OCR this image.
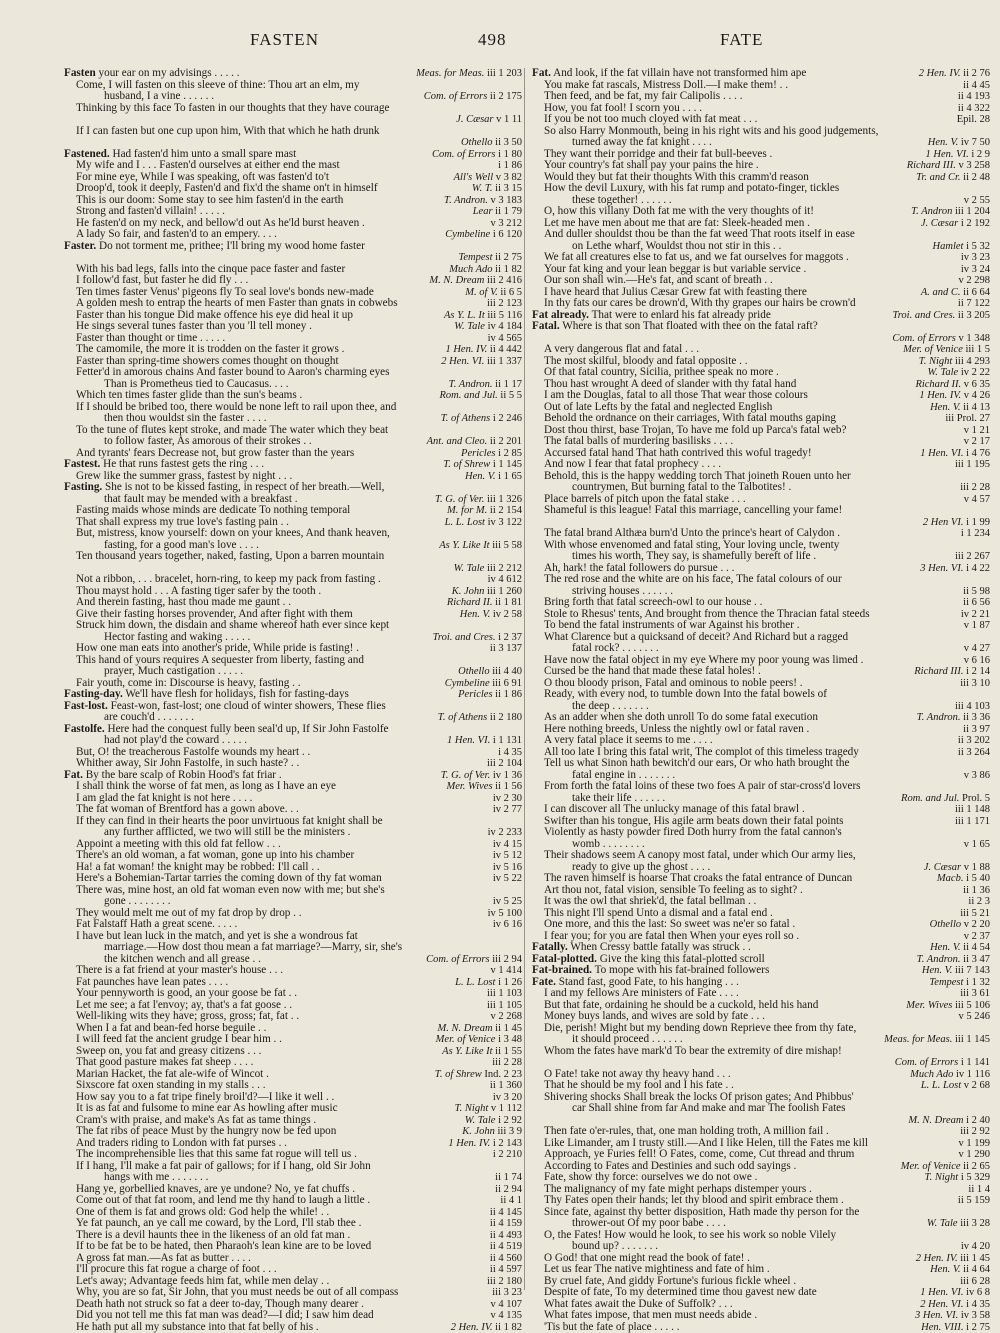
FASTEN	498	FATE
Fasten your ear on my advisings . . . . .	Meas. for Meas. iii 1 203
Come, I will fasten on this sleeve of thine: Thou art an elm, my
husband, I a vine . . . . . .	Com. of Errors ii 2 175
Thinking by this face To fasten in our thoughts that they have courage
J. Cæsar v 1 11
If I can fasten but one cup upon him, With that which he hath drunk
Othello ii 3 50
Fastened. Had fasten'd him unto a small spare mast	Com. of Errors i 1 80
My wife and I . . . Fasten'd ourselves at either end the mast	i 1 86
For mine eye, While I was speaking, oft was fasten'd to't	All's Well v 3 82
Droop'd, took it deeply, Fasten'd and fix'd the shame on't in himself	W. T. ii 3 15
This is our doom: Some stay to see him fasten'd in the earth	T. Andron. v 3 183
Strong and fasten'd villain! . . . . .	Lear ii 1 79
He fasten'd on my neck, and bellow'd out As he'ld burst heaven .	v 3 212
A lady So fair, and fasten'd to an empery. . . .	Cymbeline i 6 120
Faster. Do not torment me, prithee; I'll bring my wood home faster
Tempest ii 2 75
With his bad legs, falls into the cinque pace faster and faster	Much Ado ii 1 82
I follow'd fast, but faster he did fly . . .	M. N. Dream iii 2 416
Ten times faster Venus' pigeons fly To seal love's bonds new-made	M. of V. ii 6 5
A golden mesh to entrap the hearts of men Faster than gnats in cobwebs	iii 2 123
Faster than his tongue Did make offence his eye did heal it up	As Y. L. It iii 5 116
He sings several tunes faster than you 'll tell money .	W. Tale iv 4 184
Faster than thought or time . . . . .	iv 4 565
The camomile, the more it is trodden on the faster it grows .	1 Hen. IV. ii 4 442
Faster than spring-time showers comes thought on thought	2 Hen. VI. iii 1 337
Fetter'd in amorous chains And faster bound to Aaron's charming eyes
Than is Prometheus tied to Caucasus. . . .	T. Andron. ii 1 17
Which ten times faster glide than the sun's beams .	Rom. and Jul. ii 5 5
If I should be bribed too, there would be none left to rail upon thee, and
then thou wouldst sin the faster . . . .	T. of Athens i 2 246
To the tune of flutes kept stroke, and made The water which they beat
to follow faster, As amorous of their strokes . .	Ant. and Cleo. ii 2 201
And tyrants' fears Decrease not, but grow faster than the years	Pericles i 2 85
Fastest. He that runs fastest gets the ring . . .	T. of Shrew i 1 145
Grew like the summer grass, fastest by night . . .	Hen. V. i 1 65
Fasting. She is not to be kissed fasting, in respect of her breath.—Well,
that fault may be mended with a breakfast .	T. G. of Ver. iii 1 326
Fasting maids whose minds are dedicate To nothing temporal	M. for M. ii 2 154
That shall express my true love's fasting pain . .	L. L. Lost iv 3 122
But, mistress, know yourself: down on your knees, And thank heaven,
fasting, for a good man's love . . . .	As Y. Like It iii 5 58
Ten thousand years together, naked, fasting, Upon a barren mountain
W. Tale iii 2 212
Not a ribbon, . . . bracelet, horn-ring, to keep my pack from fasting .	iv 4 612
Thou mayst hold . . . A fasting tiger safer by the tooth .	K. John iii 1 260
And therein fasting, hast thou made me gaunt . .	Richard II. ii 1 81
Give their fasting horses provender, And after fight with them	Hen. V. iv 2 58
Struck him down, the disdain and shame whereof hath ever since kept
Hector fasting and waking . . . . .	Troi. and Cres. i 2 37
How one man eats into another's pride, While pride is fasting! .	ii 3 137
This hand of yours requires A sequester from liberty, fasting and
prayer, Much castigation . . . . .	Othello iii 4 40
Fair youth, come in: Discourse is heavy, fasting . .	Cymbeline iii 6 91
Fasting-day. We'll have flesh for holidays, fish for fasting-days	Pericles ii 1 86
Fast-lost. Feast-won, fast-lost; one cloud of winter showers, These flies
are couch'd . . . . . . .	T. of Athens ii 2 180
Fastolfe. Here had the conquest fully been seal'd up, If Sir John Fastolfe
had not play'd the coward . . . . .	1 Hen. VI. i 1 131
But, O! the treacherous Fastolfe wounds my heart . .	i 4 35
Whither away, Sir John Fastolfe, in such haste? . .	iii 2 104
Fat. By the bare scalp of Robin Hood's fat friar .	T. G. of Ver. iv 1 36
I shall think the worse of fat men, as long as I have an eye	Mer. Wives ii 1 56
I am glad the fat knight is not here . . . .	iv 2 30
The fat woman of Brentford has a gown above. . .	iv 2 77
If they can find in their hearts the poor unvirtuous fat knight shall be
any further afflicted, we two will still be the ministers .	iv 2 233
Appoint a meeting with this old fat fellow . . .	iv 4 15
There's an old woman, a fat woman, gone up into his chamber	iv 5 12
Ha! a fat woman! the knight may be robbed: I'll call . .	iv 5 16
Here's a Bohemian-Tartar tarries the coming down of thy fat woman	iv 5 22
There was, mine host, an old fat woman even now with me; but she's
gone . . . . . . . .	iv 5 25
They would melt me out of my fat drop by drop . .	iv 5 100
Fat Falstaff Hath a great scene. . . . .	iv 6 16
I have but lean luck in the match, and yet is she a wondrous fat
marriage.—How dost thou mean a fat marriage?—Marry, sir, she's
the kitchen wench and all grease . .	Com. of Errors iii 2 94
There is a fat friend at your master's house . . .	v 1 414
Fat paunches have lean pates . . . .	L. L. Lost i 1 26
Your pennyworth is good, an your goose be fat . .	iii 1 103
Let me see; a fat l'envoy; ay, that's a fat goose . .	iii 1 105
Well-liking wits they have; gross, gross; fat, fat . .	v 2 268
When I a fat and bean-fed horse beguile . .	M. N. Dream ii 1 45
I will feed fat the ancient grudge I bear him . .	Mer. of Venice i 3 48
Sweep on, you fat and greasy citizens . . .	As Y. Like It ii 1 55
That good pasture makes fat sheep . . . .	iii 2 28
Marian Hacket, the fat ale-wife of Wincot .	T. of Shrew Ind. 2 23
Sixscore fat oxen standing in my stalls . . .	ii 1 360
How say you to a fat tripe finely broil'd?—I like it well . .	iv 3 20
It is as fat and fulsome to mine ear As howling after music	T. Night v 1 112
Cram's with praise, and make's As fat as tame things .	W. Tale i 2 92
The fat ribs of peace Must by the hungry now be fed upon	K. John iii 3 9
And traders riding to London with fat purses . .	1 Hen. IV. i 2 143
The incomprehensible lies that this same fat rogue will tell us .	i 2 210
If I hang, I'll make a fat pair of gallows; for if I hang, old Sir John
hangs with me . . . . . . .	ii 1 74
Hang ye, gorbellied knaves, are ye undone? No, ye fat chuffs .	ii 2 94
Come out of that fat room, and lend me thy hand to laugh a little .	ii 4 1
One of them is fat and grows old: God help the while! . .	ii 4 145
Ye fat paunch, an ye call me coward, by the Lord, I'll stab thee .	ii 4 159
There is a devil haunts thee in the likeness of an old fat man .	ii 4 493
If to be fat be to be hated, then Pharaoh's lean kine are to be loved	ii 4 519
A gross fat man.—As fat as butter . . . .	ii 4 560
I'll procure this fat rogue a charge of foot . . .	ii 4 597
Let's away; Advantage feeds him fat, while men delay . .	iii 2 180
Why, you are so fat, Sir John, that you must needs be out of all compass	iii 3 23
Death hath not struck so fat a deer to-day, Though many dearer .	v 4 107
Did you not tell me this fat man was dead?—I did; I saw him dead	v 4 135
He hath put all my substance into that fat belly of his .	2 Hen. IV. ii 1 82
Fat. And look, if the fat villain have not transformed him ape	2 Hen. IV. ii 2 76
You make fat rascals, Mistress Doll.—I make them! . .	ii 4 45
Then feed, and be fat, my fair Calipolis . . . .	ii 4 193
How, you fat fool! I scorn you . . . .	ii 4 322
If you be not too much cloyed with fat meat . . .	Epil. 28
So also Harry Monmouth, being in his right wits and his good judgements,
turned away the fat knight . . . .	Hen. V. iv 7 50
They want their porridge and their fat bull-beeves .	1 Hen. VI. i 2 9
Your country's fat shall pay your pains the hire .	Richard III. v 3 258
Would they but fat their thoughts With this cramm'd reason	Tr. and Cr. ii 2 48
How the devil Luxury, with his fat rump and potato-finger, tickles
these together! . . . . . .	v 2 55
O, how this villany Doth fat me with the very thoughts of it!	T. Andron iii 1 204
Let me have men about me that are fat: Sleek-headed men .	J. Cæsar i 2 192
And duller shouldst thou be than the fat weed That roots itself in ease
on Lethe wharf, Wouldst thou not stir in this . .	Hamlet i 5 32
We fat all creatures else to fat us, and we fat ourselves for maggots .	iv 3 23
Your fat king and your lean beggar is but variable service .	iv 3 24
Our son shall win.—He's fat, and scant of breath . .	v 2 298
I have heard that Julius Cæsar Grew fat with feasting there	A. and C. ii 6 64
In thy fats our cares be drown'd, With thy grapes our hairs be crown'd	ii 7 122
Fat already. That were to enlard his fat already pride	Troi. and Cres. ii 3 205
Fatal. Where is that son That floated with thee on the fatal raft?
Com. of Errors v 1 348
A very dangerous flat and fatal . . .	Mer. of Venice iii 1 5
The most skilful, bloody and fatal opposite . .	T. Night iii 4 293
Of that fatal country, Sicilia, prithee speak no more .	W. Tale iv 2 22
Thou hast wrought A deed of slander with thy fatal hand	Richard II. v 6 35
I am the Douglas, fatal to all those That wear those colours	1 Hen. IV. v 4 26
Out of late Lefts by the fatal and neglected English	Hen. V. ii 4 13
Behold the ordnance on their carriages, With fatal mouths gaping	iii Prol. 27
Dost thou thirst, base Trojan, To have me fold up Parca's fatal web?	v 1 21
The fatal balls of murdering basilisks . . . .	v 2 17
Accursed fatal hand That hath contrived this woful tragedy!	1 Hen. VI. i 4 76
And now I fear that fatal prophecy . . . .	iii 1 195
Behold, this is the happy wedding torch That joineth Rouen unto her
countrymen, But burning fatal to the Talbotites! .	iii 2 28
Place barrels of pitch upon the fatal stake . . .	v 4 57
Shameful is this league! Fatal this marriage, cancelling your fame!
2 Hen VI. i 1 99
The fatal brand Althæa burn'd Unto the prince's heart of Calydon .	i 1 234
With whose envenomed and fatal sting, Your loving uncle, twenty
times his worth, They say, is shamefully bereft of life .	iii 2 267
Ah, hark! the fatal followers do pursue . . .	3 Hen. VI. i 4 22
The red rose and the white are on his face, The fatal colours of our
striving houses . . . . . .	ii 5 98
Bring forth that fatal screech-owl to our house . .	ii 6 56
Stole to Rhesus' tents, And brought from thence the Thracian fatal steeds	iv 2 21
To bend the fatal instruments of war Against his brother .	v 1 87
What Clarence but a quicksand of deceit? And Richard but a ragged
fatal rock? . . . . . . .	v 4 27
Have now the fatal object in my eye Where my poor young was limed .	v 6 16
Cursed be the hand that made these fatal holes! .	Richard III. i 2 14
O thou bloody prison, Fatal and ominous to noble peers! .	iii 3 10
Ready, with every nod, to tumble down Into the fatal bowels of
the deep . . . . . . .	iii 4 103
As an adder when she doth unroll To do some fatal execution	T. Andron. ii 3 36
Here nothing breeds, Unless the nightly owl or fatal raven .	ii 3 97
A very fatal place it seems to me . . . .	ii 3 202
All too late I bring this fatal writ, The complot of this timeless tragedy	ii 3 264
Tell us what Sinon hath bewitch'd our ears, Or who hath brought the
fatal engine in . . . . . . .	v 3 86
From forth the fatal loins of these two foes A pair of star-cross'd lovers
take their life . . . . . .	Rom. and Jul. Prol. 5
I can discover all The unlucky manage of this fatal brawl .	iii 1 148
Swifter than his tongue, His agile arm beats down their fatal points	iii 1 171
Violently as hasty powder fired Doth hurry from the fatal cannon's
womb . . . . . . . .	v 1 65
Their shadows seem A canopy most fatal, under which Our army lies,
ready to give up the ghost . . . .	J. Cæsar v 1 88
The raven himself is hoarse That croaks the fatal entrance of Duncan	Macb. i 5 40
Art thou not, fatal vision, sensible To feeling as to sight? .	ii 1 36
It was the owl that shriek'd, the fatal bellman . .	ii 2 3
This night I'll spend Unto a dismal and a fatal end .	iii 5 21
One more, and this the last: So sweet was ne'er so fatal .	Othello v 2 20
I fear you; for you are fatal then When your eyes roll so .	v 2 37
Fatally. When Cressy battle fatally was struck . .	Hen. V. ii 4 54
Fatal-plotted. Give the king this fatal-plotted scroll	T. Andron. ii 3 47
Fat-brained. To mope with his fat-brained followers	Hen. V. iii 7 143
Fate. Stand fast, good Fate, to his hanging . . .	Tempest i 1 32
I and my fellows Are ministers of Fate . . . .	iii 3 61
But that fate, ordaining he should be a cuckold, held his hand	Mer. Wives iii 5 106
Money buys lands, and wives are sold by fate . . .	v 5 246
Die, perish! Might but my bending down Reprieve thee from thy fate,
it should proceed . . . . . .	Meas. for Meas. iii 1 145
Whom the fates have mark'd To bear the extremity of dire mishap!
Com. of Errors i 1 141
O Fate! take not away thy heavy hand . . .	Much Ado iv 1 116
That he should be my fool and I his fate . .	L. L. Lost v 2 68
Shivering shocks Shall break the locks Of prison gates; And Phibbus'
car Shall shine from far And make and mar The foolish Fates
M. N. Dream i 2 40
Then fate o'er-rules, that, one man holding troth, A million fail .	iii 2 92
Like Limander, am I trusty still.—And I like Helen, till the Fates me kill	v 1 199
Approach, ye Furies fell! O Fates, come, come, Cut thread and thrum	v 1 290
According to Fates and Destinies and such odd sayings .	Mer. of Venice ii 2 65
Fate, show thy force: ourselves we do not owe .	T. Night i 5 329
The malignancy of my fate might perhaps distemper yours .	ii 1 4
Thy Fates open their hands; let thy blood and spirit embrace them .	ii 5 159
Since fate, against thy better disposition, Hath made thy person for the
thrower-out Of my poor babe . . . .	W. Tale iii 3 28
O, the Fates! How would he look, to see his work so noble Vilely
bound up? . . . . . . .	iv 4 20
O God! that one might read the book of fate! .	2 Hen. IV. iii 1 45
Let us fear The native mightiness and fate of him .	Hen. V. ii 4 64
By cruel fate, And giddy Fortune's furious fickle wheel .	iii 6 28
Despite of fate, To my determined time thou gavest new date	1 Hen. VI. iv 6 8
What fates await the Duke of Suffolk? . . .	2 Hen. VI. i 4 35
What fates impose, that men must needs abide .	3 Hen. VI. iv 3 58
'Tis but the fate of place . . . . .	Hen. VIII. i 2 75
